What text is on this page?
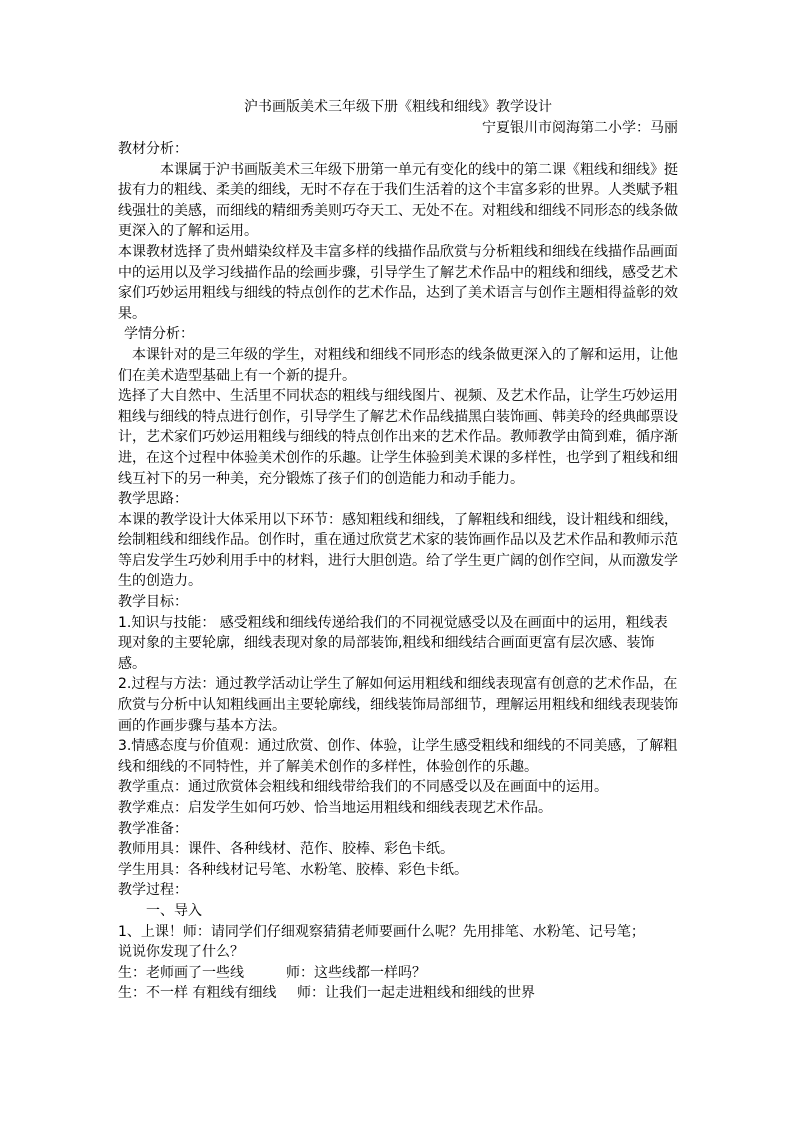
沪书画版美术三年级下册《粗线和细线》教学设计
宁夏银川市阅海第二小学：马丽
教材分析：
本课属于沪书画版美术三年级下册第一单元有变化的线中的第二课《粗线和细线》挺拔有力的粗线、柔美的细线，无时不存在于我们生活着的这个丰富多彩的世界。人类赋予粗线强壮的美感，而细线的精细秀美则巧夺天工、无处不在。对粗线和细线不同形态的线条做更深入的了解和运用。
本课教材选择了贵州蜡染纹样及丰富多样的线描作品欣赏与分析粗线和细线在线描作品画面中的运用以及学习线描作品的绘画步骤，引导学生了解艺术作品中的粗线和细线，感受艺术家们巧妙运用粗线与细线的特点创作的艺术作品，达到了美术语言与创作主题相得益彰的效果。
学情分析：
本课针对的是三年级的学生，对粗线和细线不同形态的线条做更深入的了解和运用，让他们在美术造型基础上有一个新的提升。
选择了大自然中、生活里不同状态的粗线与细线图片、视频、及艺术作品，让学生巧妙运用粗线与细线的特点进行创作，引导学生了解艺术作品线描黑白装饰画、韩美玲的经典邮票设计，艺术家们巧妙运用粗线与细线的特点创作出来的艺术作品。教师教学由简到难，循序渐进，在这个过程中体验美术创作的乐趣。让学生体验到美术课的多样性，也学到了粗线和细线互衬下的另一种美，充分锻炼了孩子们的创造能力和动手能力。
教学思路：
本课的教学设计大体采用以下环节：感知粗线和细线，了解粗线和细线，设计粗线和细线，绘制粗线和细线作品。创作时，重在通过欣赏艺术家的装饰画作品以及艺术作品和教师示范等启发学生巧妙利用手中的材料，进行大胆创造。给了学生更广阔的创作空间，从而激发学生的创造力。
教学目标：
1.知识与技能： 感受粗线和细线传递给我们的不同视觉感受以及在画面中的运用，粗线表现对象的主要轮廓，细线表现对象的局部装饰,粗线和细线结合画面更富有层次感、装饰感。
2.过程与方法：通过教学活动让学生了解如何运用粗线和细线表现富有创意的艺术作品，在欣赏与分析中认知粗线画出主要轮廓线，细线装饰局部细节，理解运用粗线和细线表现装饰画的作画步骤与基本方法。
3.情感态度与价值观：通过欣赏、创作、体验，让学生感受粗线和细线的不同美感，了解粗线和细线的不同特性，并了解美术创作的多样性，体验创作的乐趣。
教学重点：通过欣赏体会粗线和细线带给我们的不同感受以及在画面中的运用。
教学难点：启发学生如何巧妙、恰当地运用粗线和细线表现艺术作品。
教学准备：
教师用具：课件、各种线材、范作、胶棒、彩色卡纸。
学生用具：各种线材记号笔、水粉笔、胶棒、彩色卡纸。
教学过程：
一、导入
1、上课！师：请同学们仔细观察猜猜老师要画什么呢？先用排笔、水粉笔、记号笔；
说说你发现了什么？
生：老师画了一些线	师：这些线都一样吗？
生：不一样 有粗线有细线	师：让我们一起走进粗线和细线的世界
